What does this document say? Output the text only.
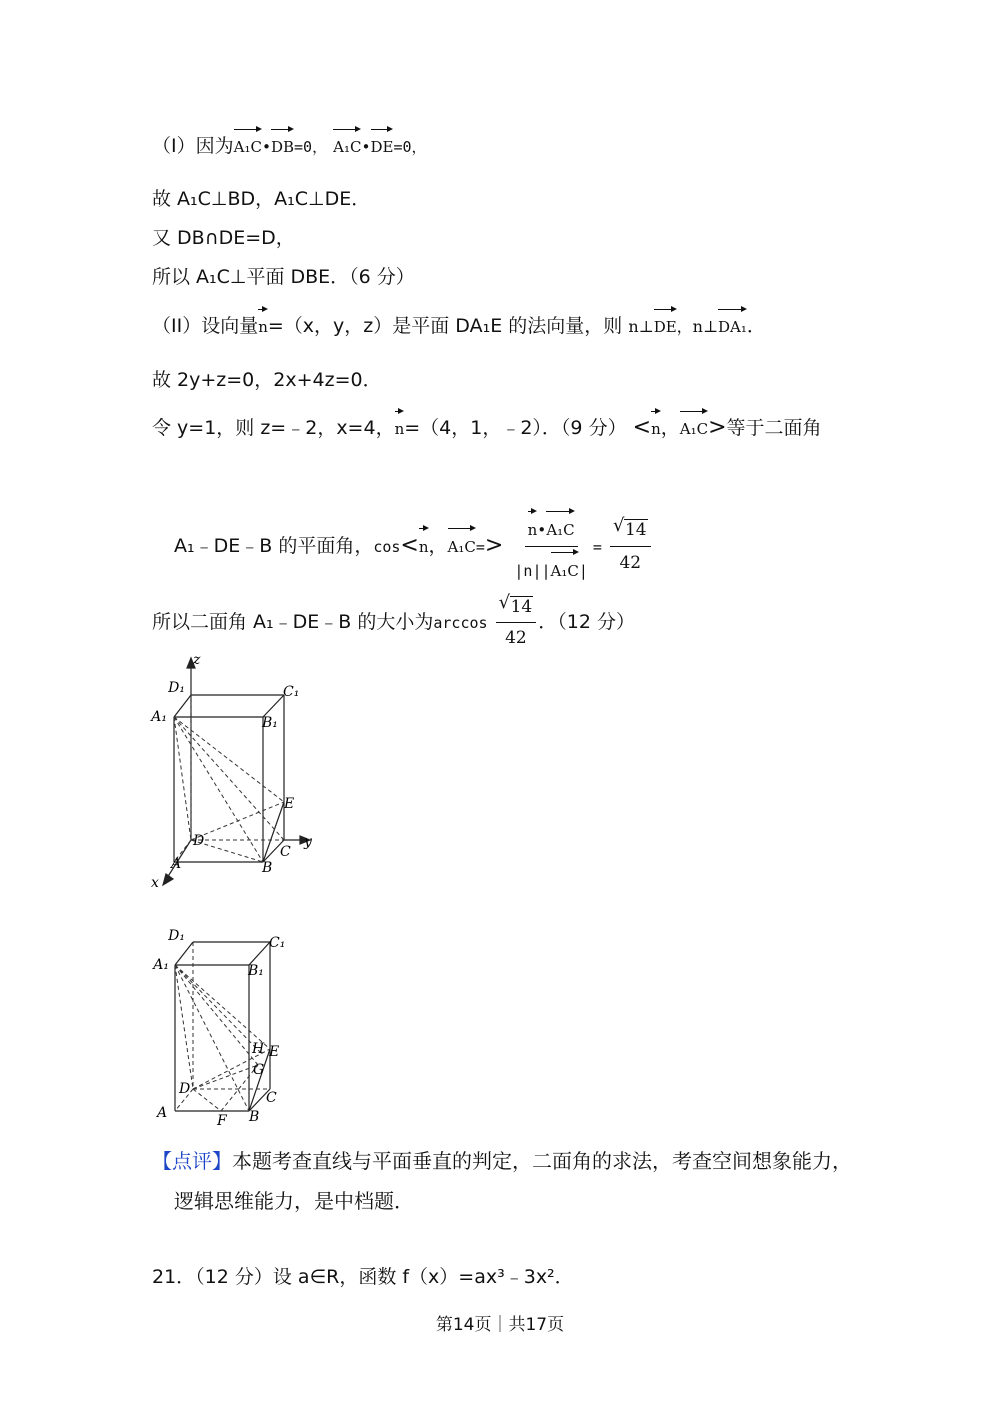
（I）因为A₁C•DB=0， A₁C•DE=0，
故 A₁C⊥BD，A₁C⊥DE．
又 DB∩DE=D，
所以 A₁C⊥平面 DBE．（6 分）
（II）设向量n=（x，y，z）是平面 DA₁E 的法向量，则 n⊥DE，n⊥DA₁．
故 2y+z=0，2x+4z=0．
令 y=1，则 z=﹣2，x=4，n=（4，1，﹣2）．（9 分） <n，A₁C>等于二面角
A₁﹣DE﹣B 的平面角，cos<n，$A_1C=> \frac{\text{n•A₁C}}{\text{|n||A₁C|}} = \frac{√ 14}{42}$
所以二面角 A₁﹣DE﹣B 的大小为$\arccos \frac{√ 14}{42}$ ．（12 分）
z
D₁	C₁
A₁	B₁
E
D
C
y
A	B
x
D₁	C₁
A₁	B₁
H E
G
D
C
A	F B
【点评】本题考查直线与平面垂直的判定，二面角的求法，考查空间想象能力，
逻辑思维能力，是中档题．
21．（12 分）设 a∈R，函数 f（x）=ax³﹣3x²．
第14页｜共17页
